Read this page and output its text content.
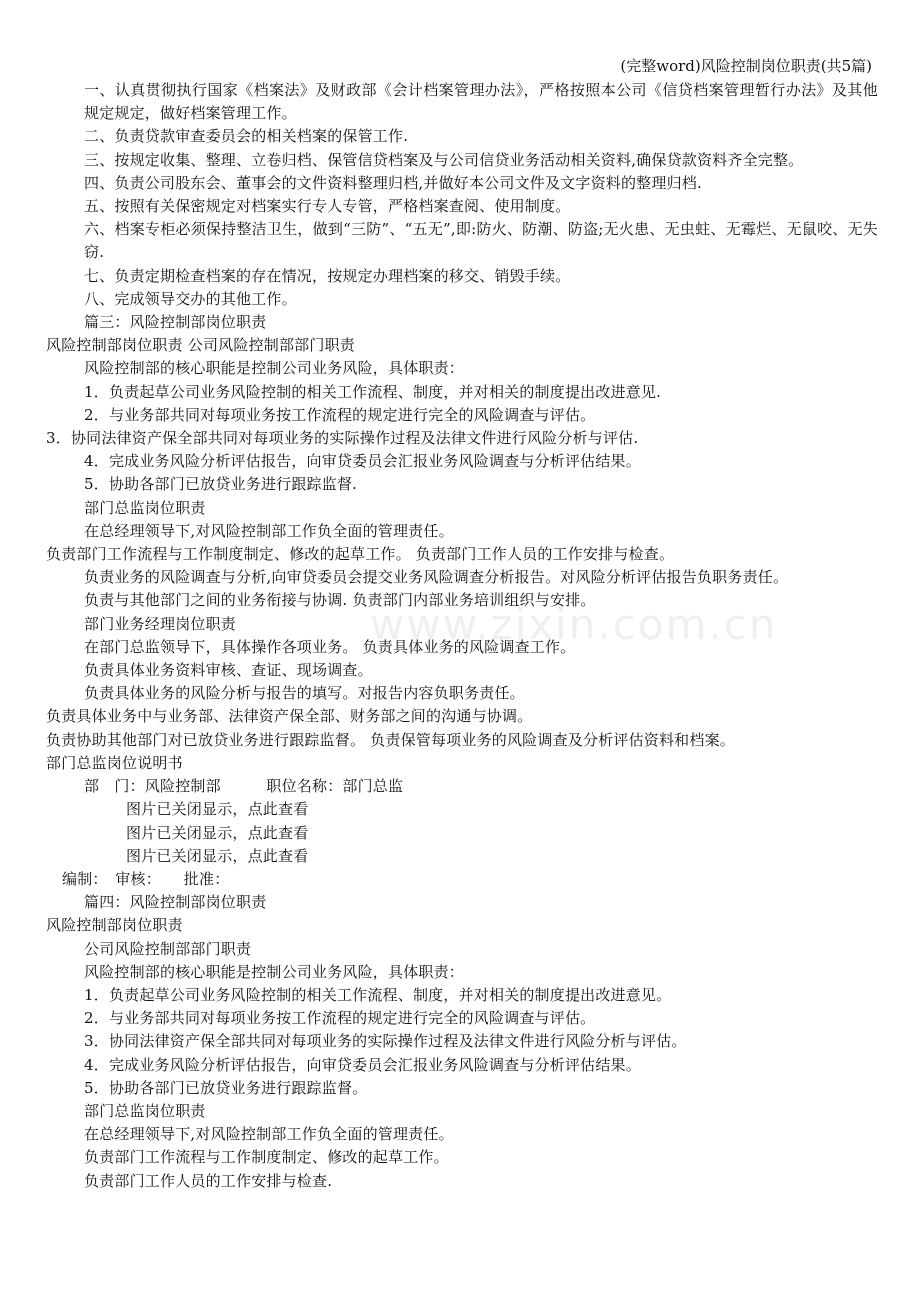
(完整word)风险控制岗位职责(共5篇)
www.zixin.com.cn
一、认真贯彻执行国家《档案法》及财政部《会计档案管理办法》，严格按照本公司《信贷档案管理暂行办法》及其他规定规定，做好档案管理工作。
二、负责贷款审查委员会的相关档案的保管工作.
三、按规定收集、整理、立卷归档、保管信贷档案及与公司信贷业务活动相关资料,确保贷款资料齐全完整。
四、负责公司股东会、董事会的文件资料整理归档,并做好本公司文件及文字资料的整理归档.
五、按照有关保密规定对档案实行专人专管，严格档案查阅、使用制度。
六、档案专柜必须保持整洁卫生，做到“三防”、“五无”,即:防火、防潮、防盗;无火患、无虫蛀、无霉烂、无鼠咬、无失窃.
七、负责定期检查档案的存在情况，按规定办理档案的移交、销毁手续。
八、完成领导交办的其他工作。
篇三：风险控制部岗位职责
风险控制部岗位职责 公司风险控制部部门职责
风险控制部的核心职能是控制公司业务风险，具体职责：
1．负责起草公司业务风险控制的相关工作流程、制度，并对相关的制度提出改进意见.
2．与业务部共同对每项业务按工作流程的规定进行完全的风险调查与评估。
3．协同法律资产保全部共同对每项业务的实际操作过程及法律文件进行风险分析与评估.
4．完成业务风险分析评估报告，向审贷委员会汇报业务风险调查与分析评估结果。
5．协助各部门已放贷业务进行跟踪监督.
部门总监岗位职责
在总经理领导下,对风险控制部工作负全面的管理责任。
负责部门工作流程与工作制度制定、修改的起草工作。 负责部门工作人员的工作安排与检查。
负责业务的风险调查与分析,向审贷委员会提交业务风险调查分析报告。对风险分析评估报告负职务责任。
负责与其他部门之间的业务衔接与协调. 负责部门内部业务培训组织与安排。
部门业务经理岗位职责
在部门总监领导下，具体操作各项业务。 负责具体业务的风险调查工作。
负责具体业务资料审核、查证、现场调查。
负责具体业务的风险分析与报告的填写。对报告内容负职务责任。
负责具体业务中与业务部、法律资产保全部、财务部之间的沟通与协调。
负责协助其他部门对已放贷业务进行跟踪监督。 负责保管每项业务的风险调查及分析评估资料和档案。
部门总监岗位说明书
部　门：风险控制部　　　职位名称：部门总监
图片已关闭显示，点此查看
图片已关闭显示，点此查看
图片已关闭显示，点此查看
编制：　审核：　　批准：
篇四：风险控制部岗位职责
风险控制部岗位职责
公司风险控制部部门职责
风险控制部的核心职能是控制公司业务风险，具体职责：
1．负责起草公司业务风险控制的相关工作流程、制度，并对相关的制度提出改进意见。
2．与业务部共同对每项业务按工作流程的规定进行完全的风险调查与评估。
3．协同法律资产保全部共同对每项业务的实际操作过程及法律文件进行风险分析与评估。
4．完成业务风险分析评估报告，向审贷委员会汇报业务风险调查与分析评估结果。
5．协助各部门已放贷业务进行跟踪监督。
部门总监岗位职责
在总经理领导下,对风险控制部工作负全面的管理责任。
负责部门工作流程与工作制度制定、修改的起草工作。
负责部门工作人员的工作安排与检查.
